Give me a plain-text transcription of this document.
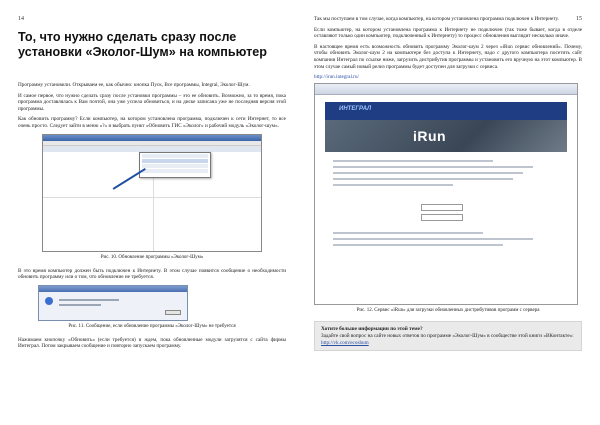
14
То, что нужно сделать сразу после установки «Эколог-Шум» на компьютер

Программу установили. Открываем ее, как обычно: кнопка Пуск, Все программы, Integral, Эколог-Шум.

И самое первое, что нужно сделать сразу после установки программы – это ее обновить. Возможно, за то время, пока программа доставлялась к Вам почтой, она уже успела обновиться, и на диске записана уже не последняя версия этой программы.

Как обновить программу? Если компьютер, на котором установлена программа, подключен к сети Интернет, то все очень просто. Следует зайти в меню «?» и выбрать пункт «Обновить ГИС «Эколог» и рабочий модуль «Эколог-шум».

Рис. 10. Обновление программы «Эколог-Шум»

В это время компьютер должен быть подключен к Интернету. В этом случае появится сообщение о необходимости обновить программу или о том, что обновление не требуется.

Рис. 11. Сообщение, если обновление программы «Эколог-Шум» не требуется

Нажимаем кнопочку «Обновить» (если требуется) и ждем, пока обновленные модули загрузятся с сайта фирмы Интеграл. Потом закрываем сообщение и повторно запускаем программу.

15

Так мы поступаем в том случае, когда компьютер, на котором установлена программа подключен к Интернету.

Если компьютер, на котором установлена программа к Интернету не подключен (так тоже бывает, когда в отделе оставляют только один компьютер, подключенный к Интернету) то процесс обновления выглядит несколько иначе.

В настоящее время есть возможность обновить программу Эколог-шум 2 через «iRun сервис обновлений». Почему, чтобы обновить Эколог-шум 2 на компьютере без доступа к Интернету, надо с другого компьютера посетить сайт компании Интеграл по ссылке ниже, загрузить дистрибутив программы и установить его вручную на этот компьютер. В этом случае самый новый релиз программы будет доступен для загрузки с сервиса.

http://irun.integral.ru/
ИНТЕГРАЛ
iRun
Рис. 12. Сервис «iRun» для загрузки обновленных дистрибутивов программ с сервера
Хотите больше информации по этой теме?

Задайте свой вопрос на сайте новых ответов по программе «Эколог-Шум» в сообществе этой книги «ВКонтакте»:

http://vk.com/ecoshum
